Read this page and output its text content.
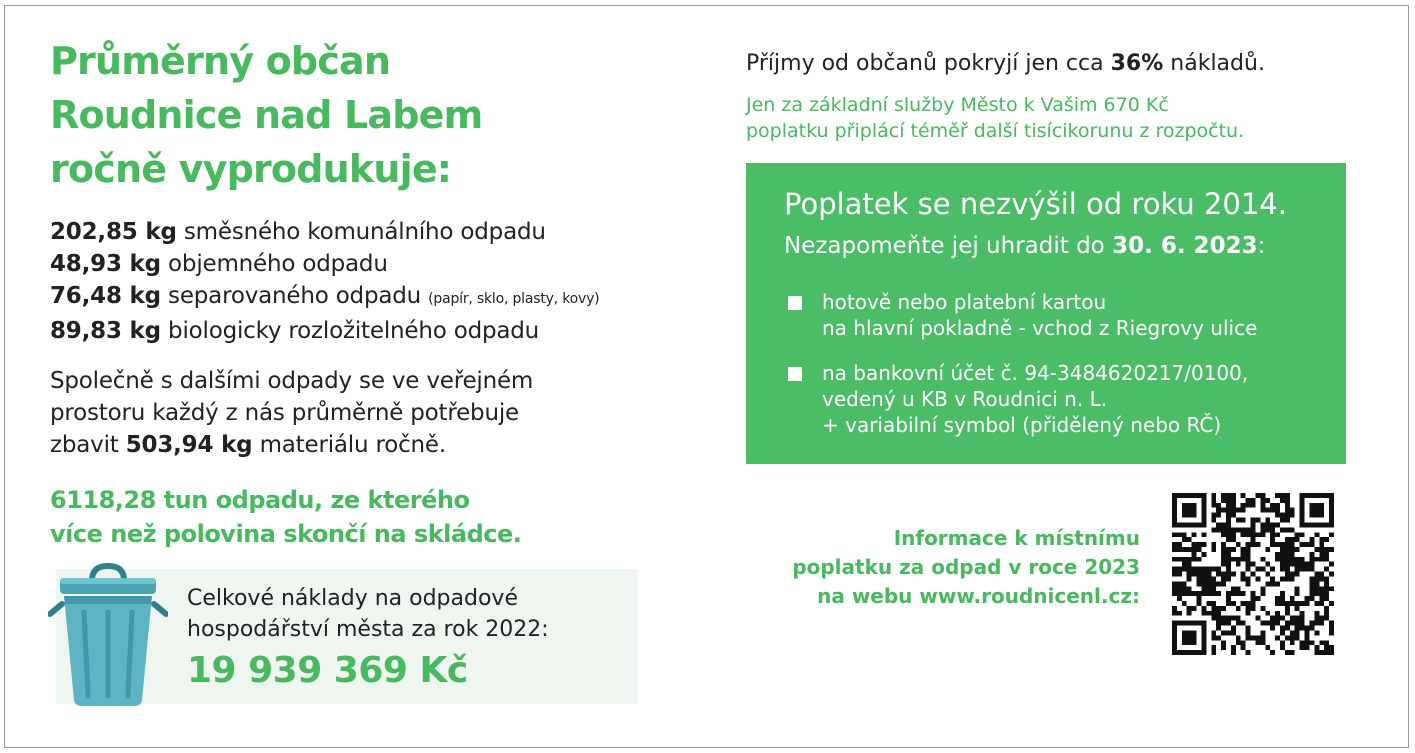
Průměrný občan
Roudnice nad Labem
ročně vyprodukuje:
202,85 kg směsného komunálního odpadu
48,93 kg objemného odpadu
76,48 kg separovaného odpadu (papír, sklo, plasty, kovy)
89,83 kg biologicky rozložitelného odpadu
Společně s dalšími odpady se ve veřejném
prostoru každý z nás průměrně potřebuje
zbavit 503,94 kg materiálu ročně.
6118,28 tun odpadu, ze kterého
více než polovina skončí na skládce.
Celkové náklady na odpadové
hospodářství města za rok 2022:
19 939 369 Kč
Příjmy od občanů pokryjí jen cca 36% nákladů.
Jen za základní služby Město k Vašim 670 Kč
poplatku připlácí téměř další tisícikorunu z rozpočtu.
Poplatek se nezvýšil od roku 2014.
Nezapomeňte jej uhradit do 30. 6. 2023:
hotově nebo platební kartou
na hlavní pokladně - vchod z Riegrovy ulice
na bankovní účet č. 94-3484620217/0100,
vedený u KB v Roudnici n. L.
+ variabilní symbol (přidělený nebo RČ)
Informace k místnímu
poplatku za odpad v roce 2023
na webu www.roudnicenl.cz:
